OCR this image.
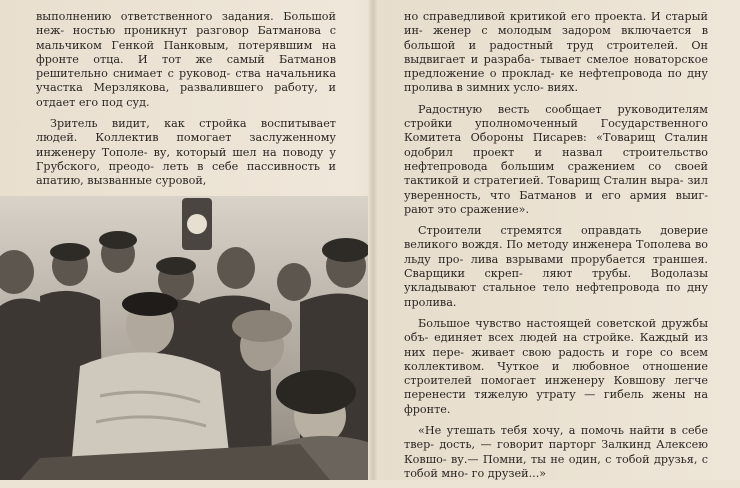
выполнению ответственного задания. Большой неж- ностью проникнут разговор Батманова с мальчиком Генкой Панковым, потерявшим на фронте отца. И тот же самый Батманов решительно снимает с руковод- ства начальника участка Мерзлякова, развалившего работу, и отдает его под суд.

Зритель видит, как стройка воспитывает людей. Коллектив помогает заслуженному инженеру Тополе- ву, который шел на поводу у Грубского, преодо- леть в себе пассивность и апатию, вызванные суровой,

но справедливой критикой его проекта. И старый ин- женер с молодым задором включается в большой и радостный труд строителей. Он выдвигает и разраба- тывает смелое новаторское предложение о проклад- ке нефтепровода по дну пролива в зимних усло- виях.

Радостную весть сообщает руководителям стройки уполномоченный Государственного Комитета Обороны Писарев: «Товарищ Сталин одобрил проект и назвал строительство нефтепровода большим сражением со своей тактикой и стратегией. Товарищ Сталин выра- зил уверенность, что Батманов и его армия выиг- рают это сражение».

Строители стремятся оправдать доверие великого вождя. По методу инженера Тополева во льду про- лива взрывами прорубается траншея. Сварщики скреп- ляют трубы. Водолазы укладывают стальное тело нефтепровода по дну пролива.

Большое чувство настоящей советской дружбы объ- единяет всех людей на стройке. Каждый из них пере- живает свою радость и горе со всем коллективом. Чуткое и любовное отношение строителей помогает инженеру Ковшову легче перенести тяжелую утрату — гибель жены на фронте.

«Не утешать тебя хочу, а помочь найти в себе твер- дость, — говорит парторг Залкинд Алексею Ковшо- ву.— Помни, ты не один, с тобой друзья, с тобой мно- го друзей...»
